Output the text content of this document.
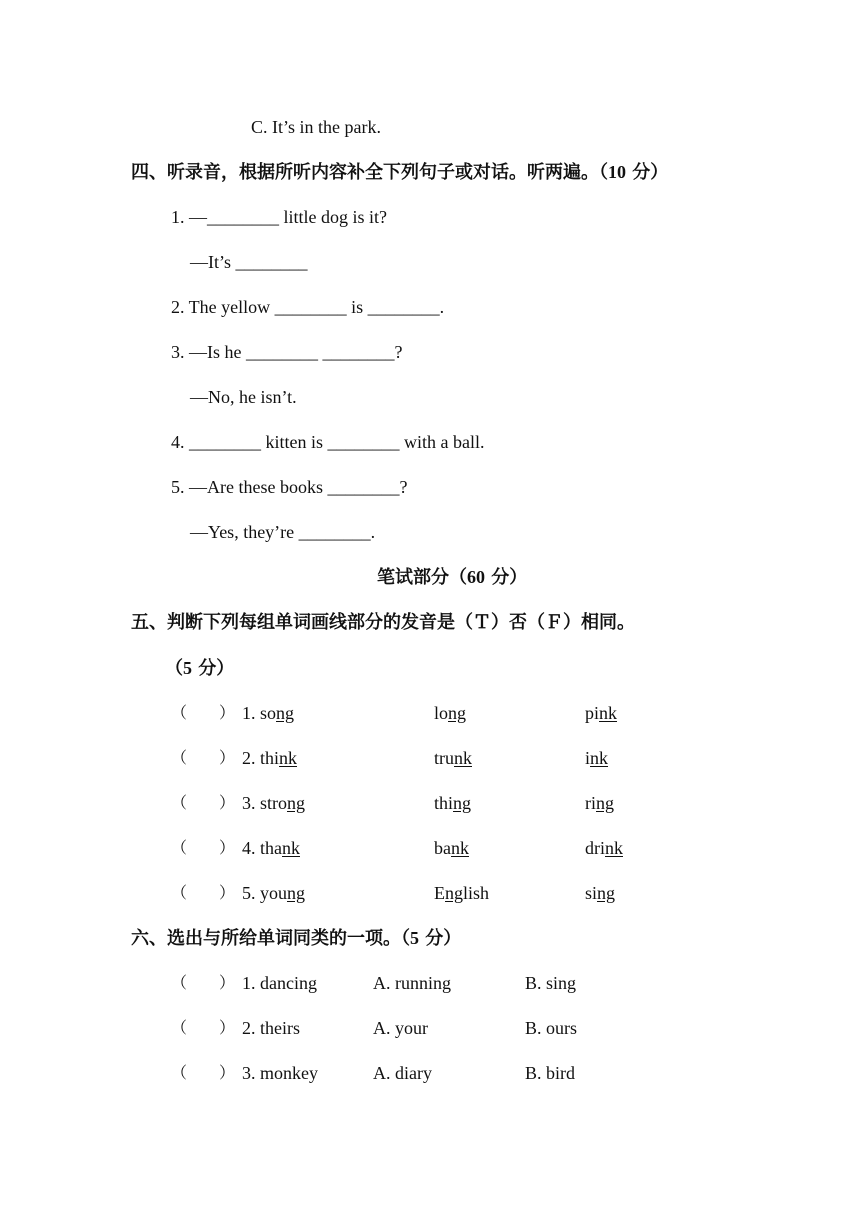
C. It’s in the park.
四、听录音，根据所听内容补全下列句子或对话。听两遍。（10 分）
1. —________ little dog is it?
—It’s ________
2. The yellow ________ is ________.
3. —Is he ________ ________?
—No, he isn’t.
4. ________ kitten is ________ with a ball.
5. —Are these books ________?
—Yes, they’re ________.
笔试部分（60 分）
五、判断下列每组单词画线部分的发音是（Ｔ）否（Ｆ）相同。
（5 分）
（　　） 1. song	long	pink
（　　） 2. think	trunk	ink
（　　） 3. strong	thing	ring
（　　） 4. thank	bank	drink
（　　） 5. young	English	sing
六、选出与所给单词同类的一项。（5 分）
（　　） 1. dancing	A. running	B. sing
（　　） 2. theirs	A. your	B. ours
（　　） 3. monkey	A. diary	B. bird
